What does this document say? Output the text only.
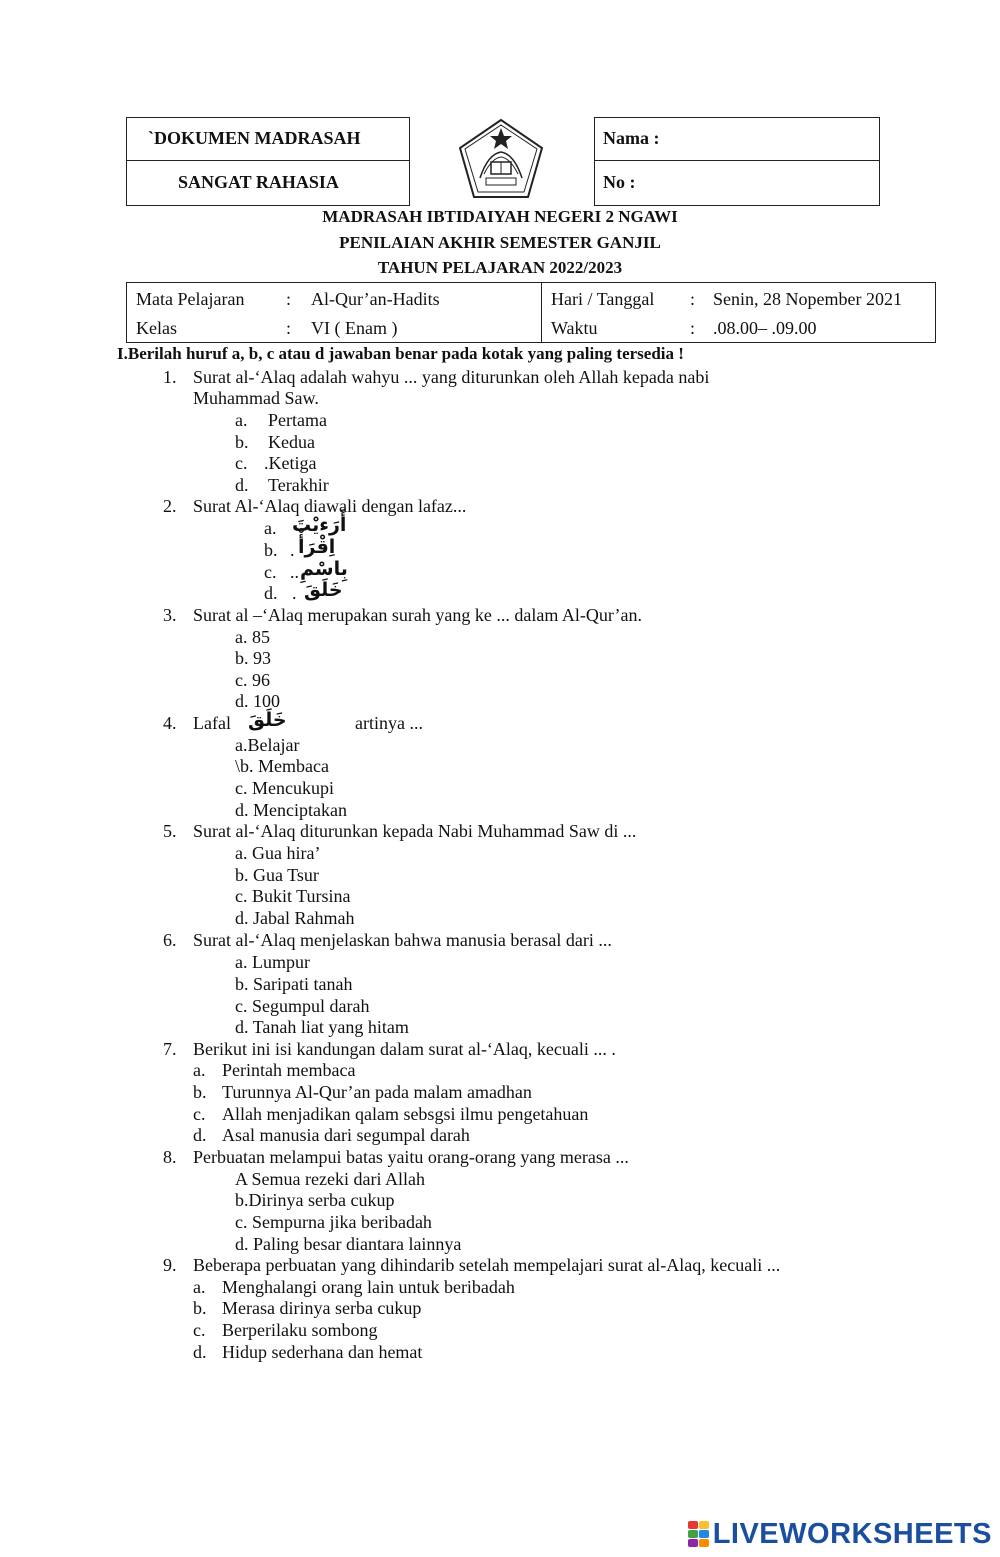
`DOKUMEN MADRASAH
SANGAT RAHASIA
Nama :
No :
MADRASAH IBTIDAIYAH NEGERI 2 NGAWI
PENILAIAN AKHIR SEMESTER GANJIL
TAHUN PELAJARAN 2022/2023
Mata Pelajaran : Al-Qur’an-Hadits
Kelas	: VI ( Enam )
Hari / Tanggal : Senin, 28 Nopember 2021
Waktu	: .08.00– .09.00
I.Berilah huruf a, b, c atau d jawaban benar pada kotak yang paling tersedia !
1. Surat al-‘Alaq adalah wahyu ... yang diturunkan oleh Allah kepada nabi
Muhammad Saw.
a. Pertama
b. Kedua
c. .Ketiga
d. Terakhir
2. Surat Al-‘Alaq diawali dengan lafaz...
a. أَرَءيْتَ
b. . اِقْرَأْ
c. .. بِاسْمِ
d. . خَلَقَ
3. Surat al –‘Alaq merupakan surah yang ke ... dalam Al-Qur’an.
a. 85
b. 93
c. 96
d. 100
4. Lafal خَلَقَ	artinya ...
a.Belajar
\b. Membaca
c. Mencukupi
d. Menciptakan
5. Surat al-‘Alaq diturunkan kepada Nabi Muhammad Saw di ...
a. Gua hira’
b. Gua Tsur
c. Bukit Tursina
d. Jabal Rahmah
6. Surat al-‘Alaq menjelaskan bahwa manusia berasal dari ...
a. Lumpur
b. Saripati tanah
c. Segumpul darah
d. Tanah liat yang hitam
7. Berikut ini isi kandungan dalam surat al-‘Alaq, kecuali ... .
a. Perintah membaca
b. Turunnya Al-Qur’an pada malam amadhan
c. Allah menjadikan qalam sebsgsi ilmu pengetahuan
d. Asal manusia dari segumpal darah
8. Perbuatan melampui batas yaitu orang-orang yang merasa ...
A Semua rezeki dari Allah
b.Dirinya serba cukup
c. Sempurna jika beribadah
d. Paling besar diantara lainnya
9. Beberapa perbuatan yang dihindarib setelah mempelajari surat al-Alaq, kecuali ...
a. Menghalangi orang lain untuk beribadah
b. Merasa dirinya serba cukup
c. Berperilaku sombong
d. Hidup sederhana dan hemat
LIVEWORKSHEETS
